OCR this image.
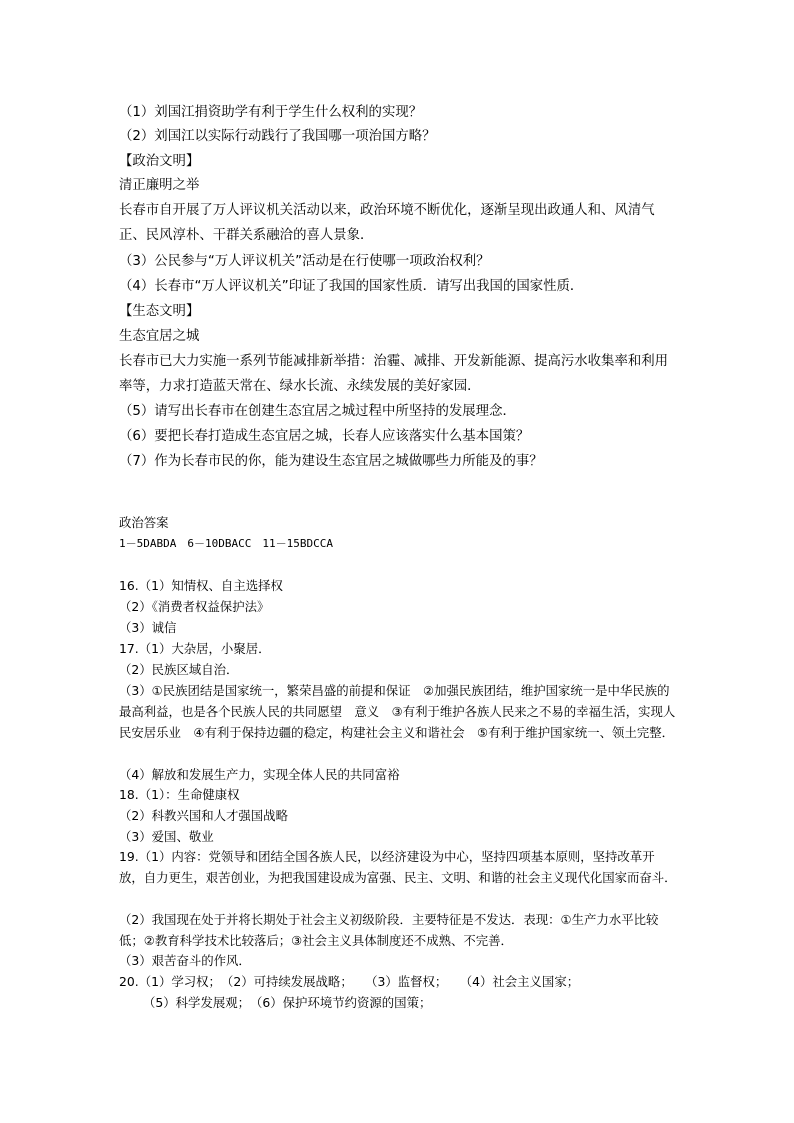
（1）刘国江捐资助学有利于学生什么权利的实现？

（2）刘国江以实际行动践行了我国哪一项治国方略？

【政治文明】

清正廉明之举

长春市自开展了万人评议机关活动以来，政治环境不断优化，逐渐呈现出政通人和、风清气正、民风淳朴、干群关系融洽的喜人景象．

（3）公民参与“万人评议机关”活动是在行使哪一项政治权利？

（4）长春市“万人评议机关”印证了我国的国家性质．请写出我国的国家性质．

【生态文明】

生态宜居之城

长春市已大力实施一系列节能减排新举措：治霾、减排、开发新能源、提高污水收集率和利用率等，力求打造蓝天常在、绿水长流、永续发展的美好家园．

（5）请写出长春市在创建生态宜居之城过程中所坚持的发展理念．

（6）要把长春打造成生态宜居之城，长春人应该落实什么基本国策？

（7）作为长春市民的你，能为建设生态宜居之城做哪些力所能及的事？

政治答案

1－5DABDA　6－10DBACC　11－15BDCCA

16.（1）知情权、自主选择权

（2）《消费者权益保护法》

（3）诚信

17.（1）大杂居，小聚居．

（2）民族区域自治．

（3）①民族团结是国家统一，繁荣昌盛的前提和保证　②加强民族团结，维护国家统一是中华民族的最高利益，也是各个民族人民的共同愿望　意义　③有利于维护各族人民来之不易的幸福生活，实现人民安居乐业　④有利于保持边疆的稳定，构建社会主义和谐社会　⑤有利于维护国家统一、领土完整．

（4）解放和发展生产力，实现全体人民的共同富裕

18.（1）：生命健康权

（2）科教兴国和人才强国战略

（3）爱国、敬业

19.（1）内容：党领导和团结全国各族人民，以经济建设为中心，坚持四项基本原则，坚持改革开放，自力更生，艰苦创业，为把我国建设成为富强、民主、文明、和谐的社会主义现代化国家而奋斗．

（2）我国现在处于并将长期处于社会主义初级阶段．主要特征是不发达．表现：①生产力水平比较低；②教育科学技术比较落后；③社会主义具体制度还不成熟、不完善．

（3）艰苦奋斗的作风．

20.（1）学习权；　（2）可持续发展战略；　　（3）监督权；　　（4）社会主义国家；

（5）科学发展观；　（6）保护环境节约资源的国策；
